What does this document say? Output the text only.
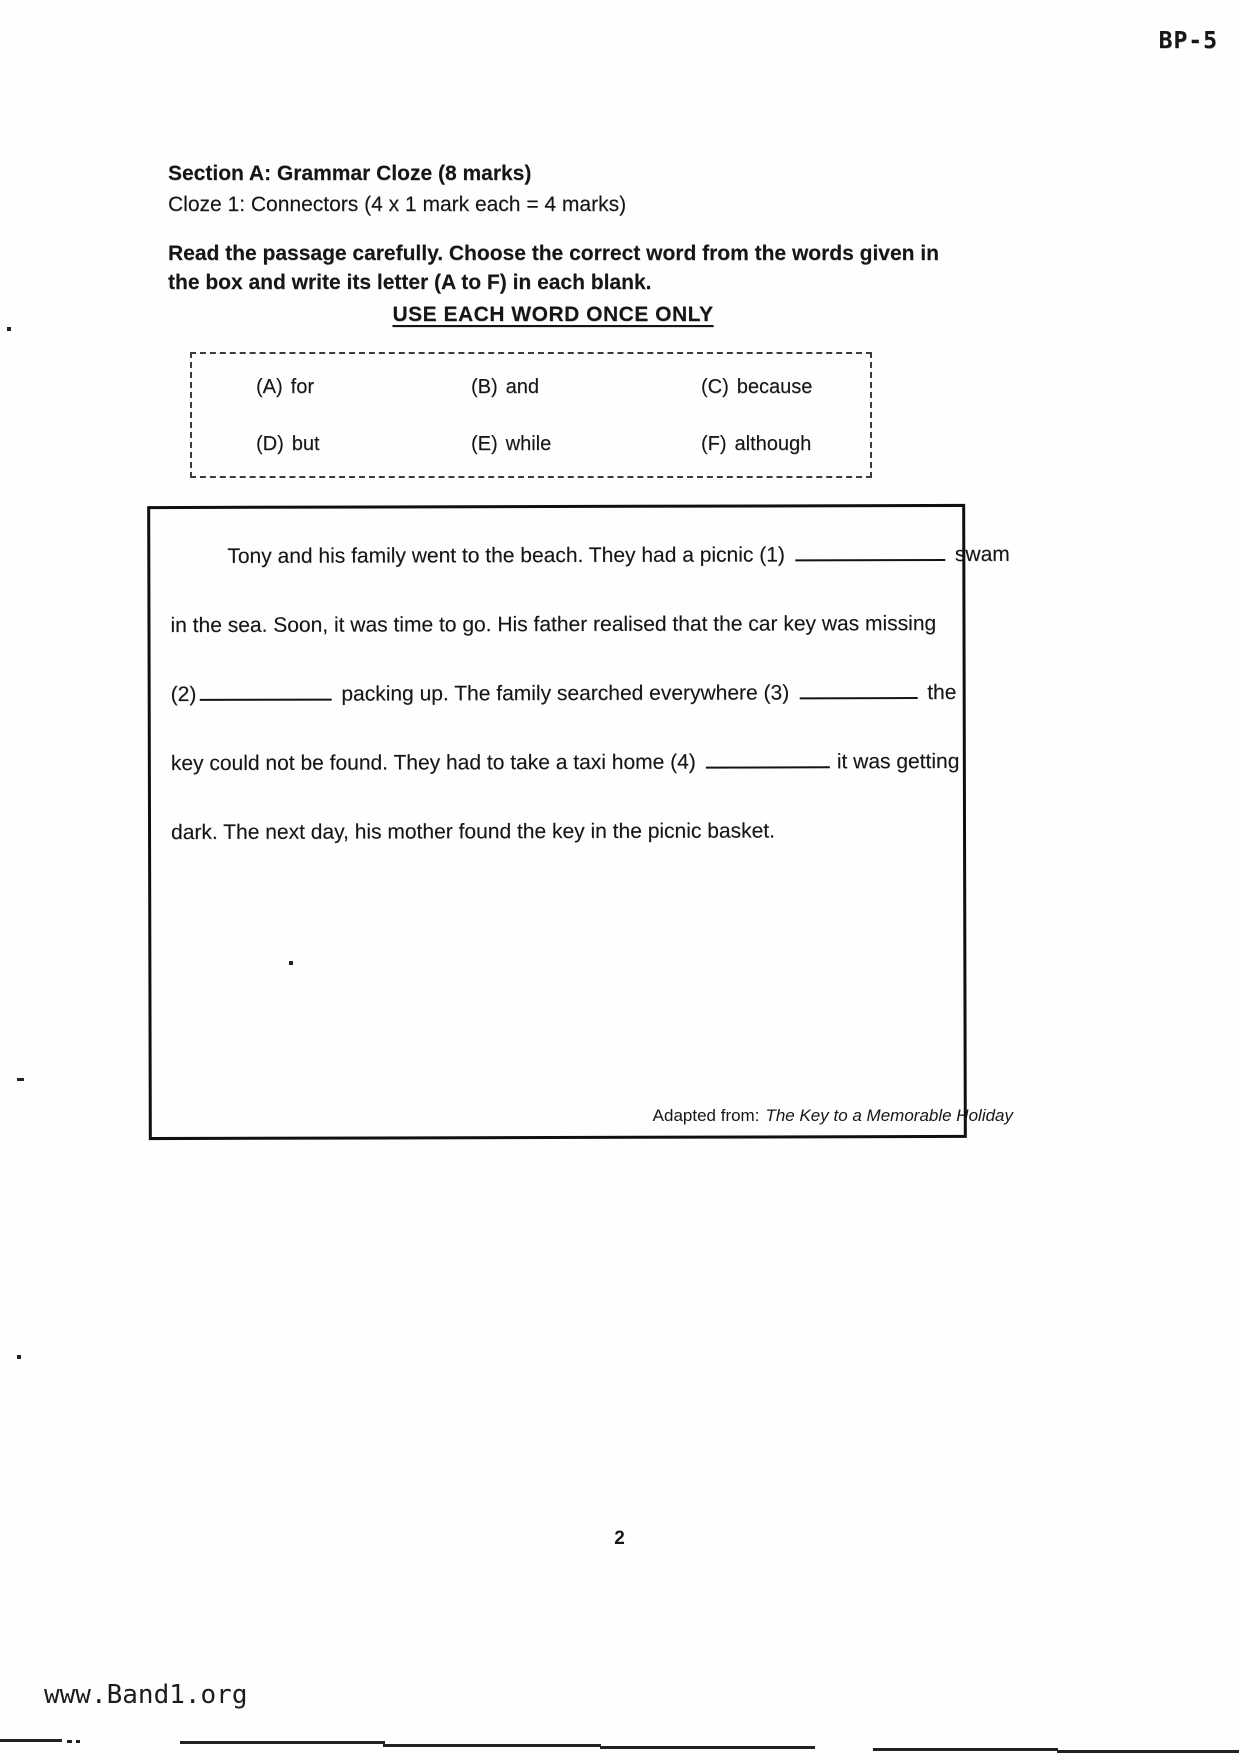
BP-5

Section A: Grammar Cloze (8 marks)

Cloze 1: Connectors (4 x 1 mark each = 4 marks)

Read the passage carefully. Choose the correct word from the words given in the box and write its letter (A to F) in each blank.
USE EACH WORD ONCE ONLY
(A) for	(B) and	(C) because
(D) but	(E) while	(F) although
Tony and his family went to the beach. They had a picnic (1)	swam
in the sea. Soon, it was time to go. His father realised that the car key was missing
(2)	packing up. The family searched everywhere (3)	the
key could not be found. They had to take a taxi home (4)	it was getting
dark. The next day, his mother found the key in the picnic basket.
Adapted from: The Key to a Memorable Holiday
2
www.Band1.org
